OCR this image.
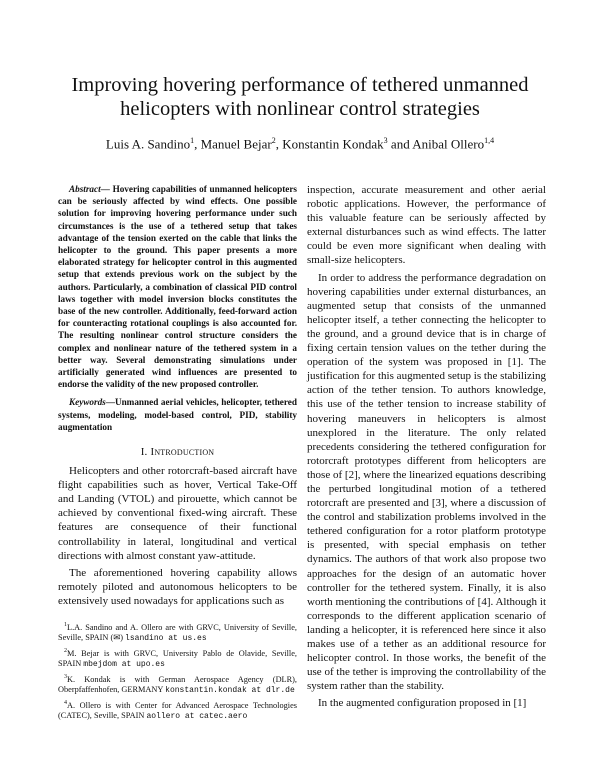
Improving hovering performance of tethered unmanned helicopters with nonlinear control strategies
Luis A. Sandino$^1$, Manuel Bejar$^2$, Konstantin Kondak$^3$ and Anibal Ollero$^{1,4}$

Abstract— Hovering capabilities of unmanned helicopters can be seriously affected by wind effects. One possible solution for improving hovering performance under such circumstances is the use of a tethered setup that takes advantage of the tension exerted on the cable that links the helicopter to the ground. This paper presents a more elaborated strategy for helicopter control in this augmented setup that extends previous work on the subject by the authors. Particularly, a combination of classical PID control laws together with model inversion blocks constitutes the base of the new controller. Additionally, feed-forward action for counteracting rotational couplings is also accounted for. The resulting nonlinear control structure considers the complex and nonlinear nature of the tethered system in a better way. Several demonstrating simulations under artificially generated wind influences are presented to endorse the validity of the new proposed controller.

Keywords—Unmanned aerial vehicles, helicopter, tethered systems, modeling, model-based control, PID, stability augmentation

I. Introduction

Helicopters and other rotorcraft-based aircraft have flight capabilities such as hover, Vertical Take-Off and Landing (VTOL) and pirouette, which cannot be achieved by conventional fixed-wing aircraft. These features are consequence of their functional controllability in lateral, longitudinal and vertical directions with almost constant yaw-attitude.

The aforementioned hovering capability allows remotely piloted and autonomous helicopters to be extensively used nowadays for applications such as

$^1$L.A. Sandino and A. Ollero are with GRVC, University of Seville, Seville, SPAIN (✉) lsandino at us.es

$^2$M. Bejar is with GRVC, University Pablo de Olavide, Seville, SPAIN mbejdom at upo.es

$^3$K. Kondak is with German Aerospace Agency (DLR), Oberpfaffenhofen, GERMANY konstantin.kondak at dlr.de

$^4$A. Ollero is with Center for Advanced Aerospace Technologies (CATEC), Seville, SPAIN aollero at catec.aero

inspection, accurate measurement and other aerial robotic applications. However, the performance of this valuable feature can be seriously affected by external disturbances such as wind effects. The latter could be even more significant when dealing with small-size helicopters.

In order to address the performance degradation on hovering capabilities under external disturbances, an augmented setup that consists of the unmanned helicopter itself, a tether connecting the helicopter to the ground, and a ground device that is in charge of fixing certain tension values on the tether during the operation of the system was proposed in [1]. The justification for this augmented setup is the stabilizing action of the tether tension. To authors knowledge, this use of the tether tension to increase stability of hovering maneuvers in helicopters is almost unexplored in the literature. The only related precedents considering the tethered configuration for rotorcraft prototypes different from helicopters are those of [2], where the linearized equations describing the perturbed longitudinal motion of a tethered rotorcraft are presented and [3], where a discussion of the control and stabilization problems involved in the tethered configuration for a rotor platform prototype is presented, with special emphasis on tether dynamics. The authors of that work also propose two approaches for the design of an automatic hover controller for the tethered system. Finally, it is also worth mentioning the contributions of [4]. Although it corresponds to the different application scenario of landing a helicopter, it is referenced here since it also makes use of a tether as an additional resource for helicopter control. In those works, the benefit of the use of the tether is improving the controllability of the system rather than the stability.

In the augmented configuration proposed in [1]
